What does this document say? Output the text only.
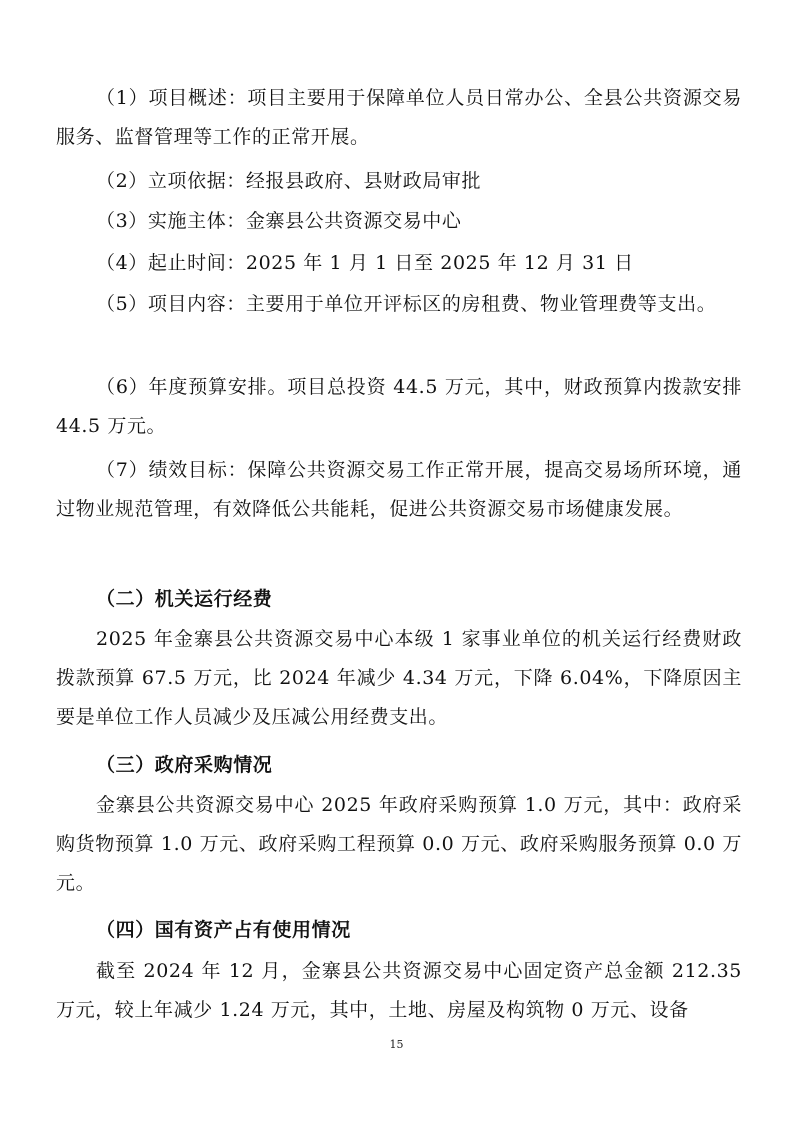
（1）项目概述：项目主要用于保障单位人员日常办公、全县公共资源交易服务、监督管理等工作的正常开展。

（2）立项依据：经报县政府、县财政局审批

（3）实施主体：金寨县公共资源交易中心

（4）起止时间：2025 年 1 月 1 日至 2025 年 12 月 31 日

（5）项目内容：主要用于单位开评标区的房租费、物业管理费等支出。

（6）年度预算安排。项目总投资 44.5 万元，其中，财政预算内拨款安排 44.5 万元。

（7）绩效目标：保障公共资源交易工作正常开展，提高交易场所环境，通过物业规范管理，有效降低公共能耗，促进公共资源交易市场健康发展。

（二）机关运行经费

2025 年金寨县公共资源交易中心本级 1 家事业单位的机关运行经费财政拨款预算 67.5 万元，比 2024 年减少 4.34 万元，下降 6.04%，下降原因主要是单位工作人员减少及压减公用经费支出。

（三）政府采购情况

金寨县公共资源交易中心 2025 年政府采购预算 1.0 万元，其中：政府采购货物预算 1.0 万元、政府采购工程预算 0.0 万元、政府采购服务预算 0.0 万元。

（四）国有资产占有使用情况

截至 2024 年 12 月，金寨县公共资源交易中心固定资产总金额 212.35 万元，较上年减少 1.24 万元，其中，土地、房屋及构筑物 0 万元、设备

15
